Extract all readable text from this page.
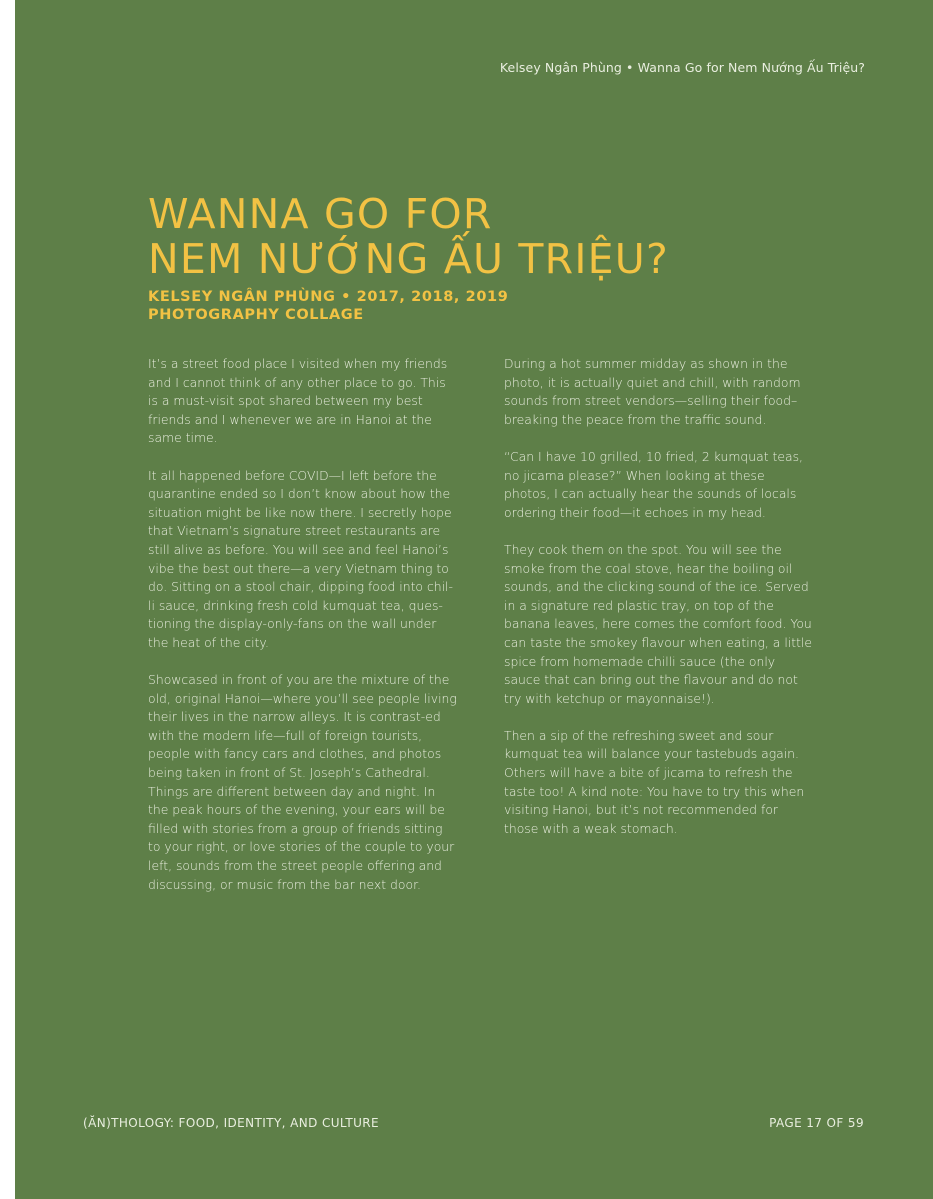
Kelsey Ngân Phùng • Wanna Go for Nem Nướng Ấu Triệu?
WANNA GO FOR
NEM NƯỚNG ẤU TRIỆU?
KELSEY NGÂN PHÙNG • 2017, 2018, 2019
PHOTOGRAPHY COLLAGE

It’s a street food place I visited when my friends and I cannot think of any other place to go. This is a must-visit spot shared between my best friends and I whenever we are in Hanoi at the same time.

It all happened before COVID—I left before the quarantine ended so I don’t know about how the situation might be like now there. I secretly hope that Vietnam’s signature street restaurants are still alive as before. You will see and feel Hanoi’s vibe the best out there—a very Vietnam thing to do. Sitting on a stool chair, dipping food into chil-li sauce, drinking fresh cold kumquat tea, ques-tioning the display-only-fans on the wall under the heat of the city.

Showcased in front of you are the mixture of the old, original Hanoi—where you’ll see people living their lives in the narrow alleys. It is contrast-ed with the modern life—full of foreign tourists, people with fancy cars and clothes, and photos being taken in front of St. Joseph’s Cathedral. Things are different between day and night. In the peak hours of the evening, your ears will be filled with stories from a group of friends sitting to your right, or love stories of the couple to your left, sounds from the street people offering and discussing, or music from the bar next door.

During a hot summer midday as shown in the photo, it is actually quiet and chill, with random sounds from street vendors—selling their food–breaking the peace from the traffic sound.

“Can I have 10 grilled, 10 fried, 2 kumquat teas, no jicama please?” When looking at these photos, I can actually hear the sounds of locals ordering their food—it echoes in my head.

They cook them on the spot. You will see the smoke from the coal stove, hear the boiling oil sounds, and the clicking sound of the ice. Served in a signature red plastic tray, on top of the banana leaves, here comes the comfort food. You can taste the smokey flavour when eating, a little spice from homemade chilli sauce (the only sauce that can bring out the flavour and do not try with ketchup or mayonnaise!).

Then a sip of the refreshing sweet and sour kumquat tea will balance your tastebuds again. Others will have a bite of jicama to refresh the taste too! A kind note: You have to try this when visiting Hanoi, but it’s not recommended for those with a weak stomach.

(ĂN)THOLOGY: FOOD, IDENTITY, AND CULTURE	PAGE 17 OF 59
